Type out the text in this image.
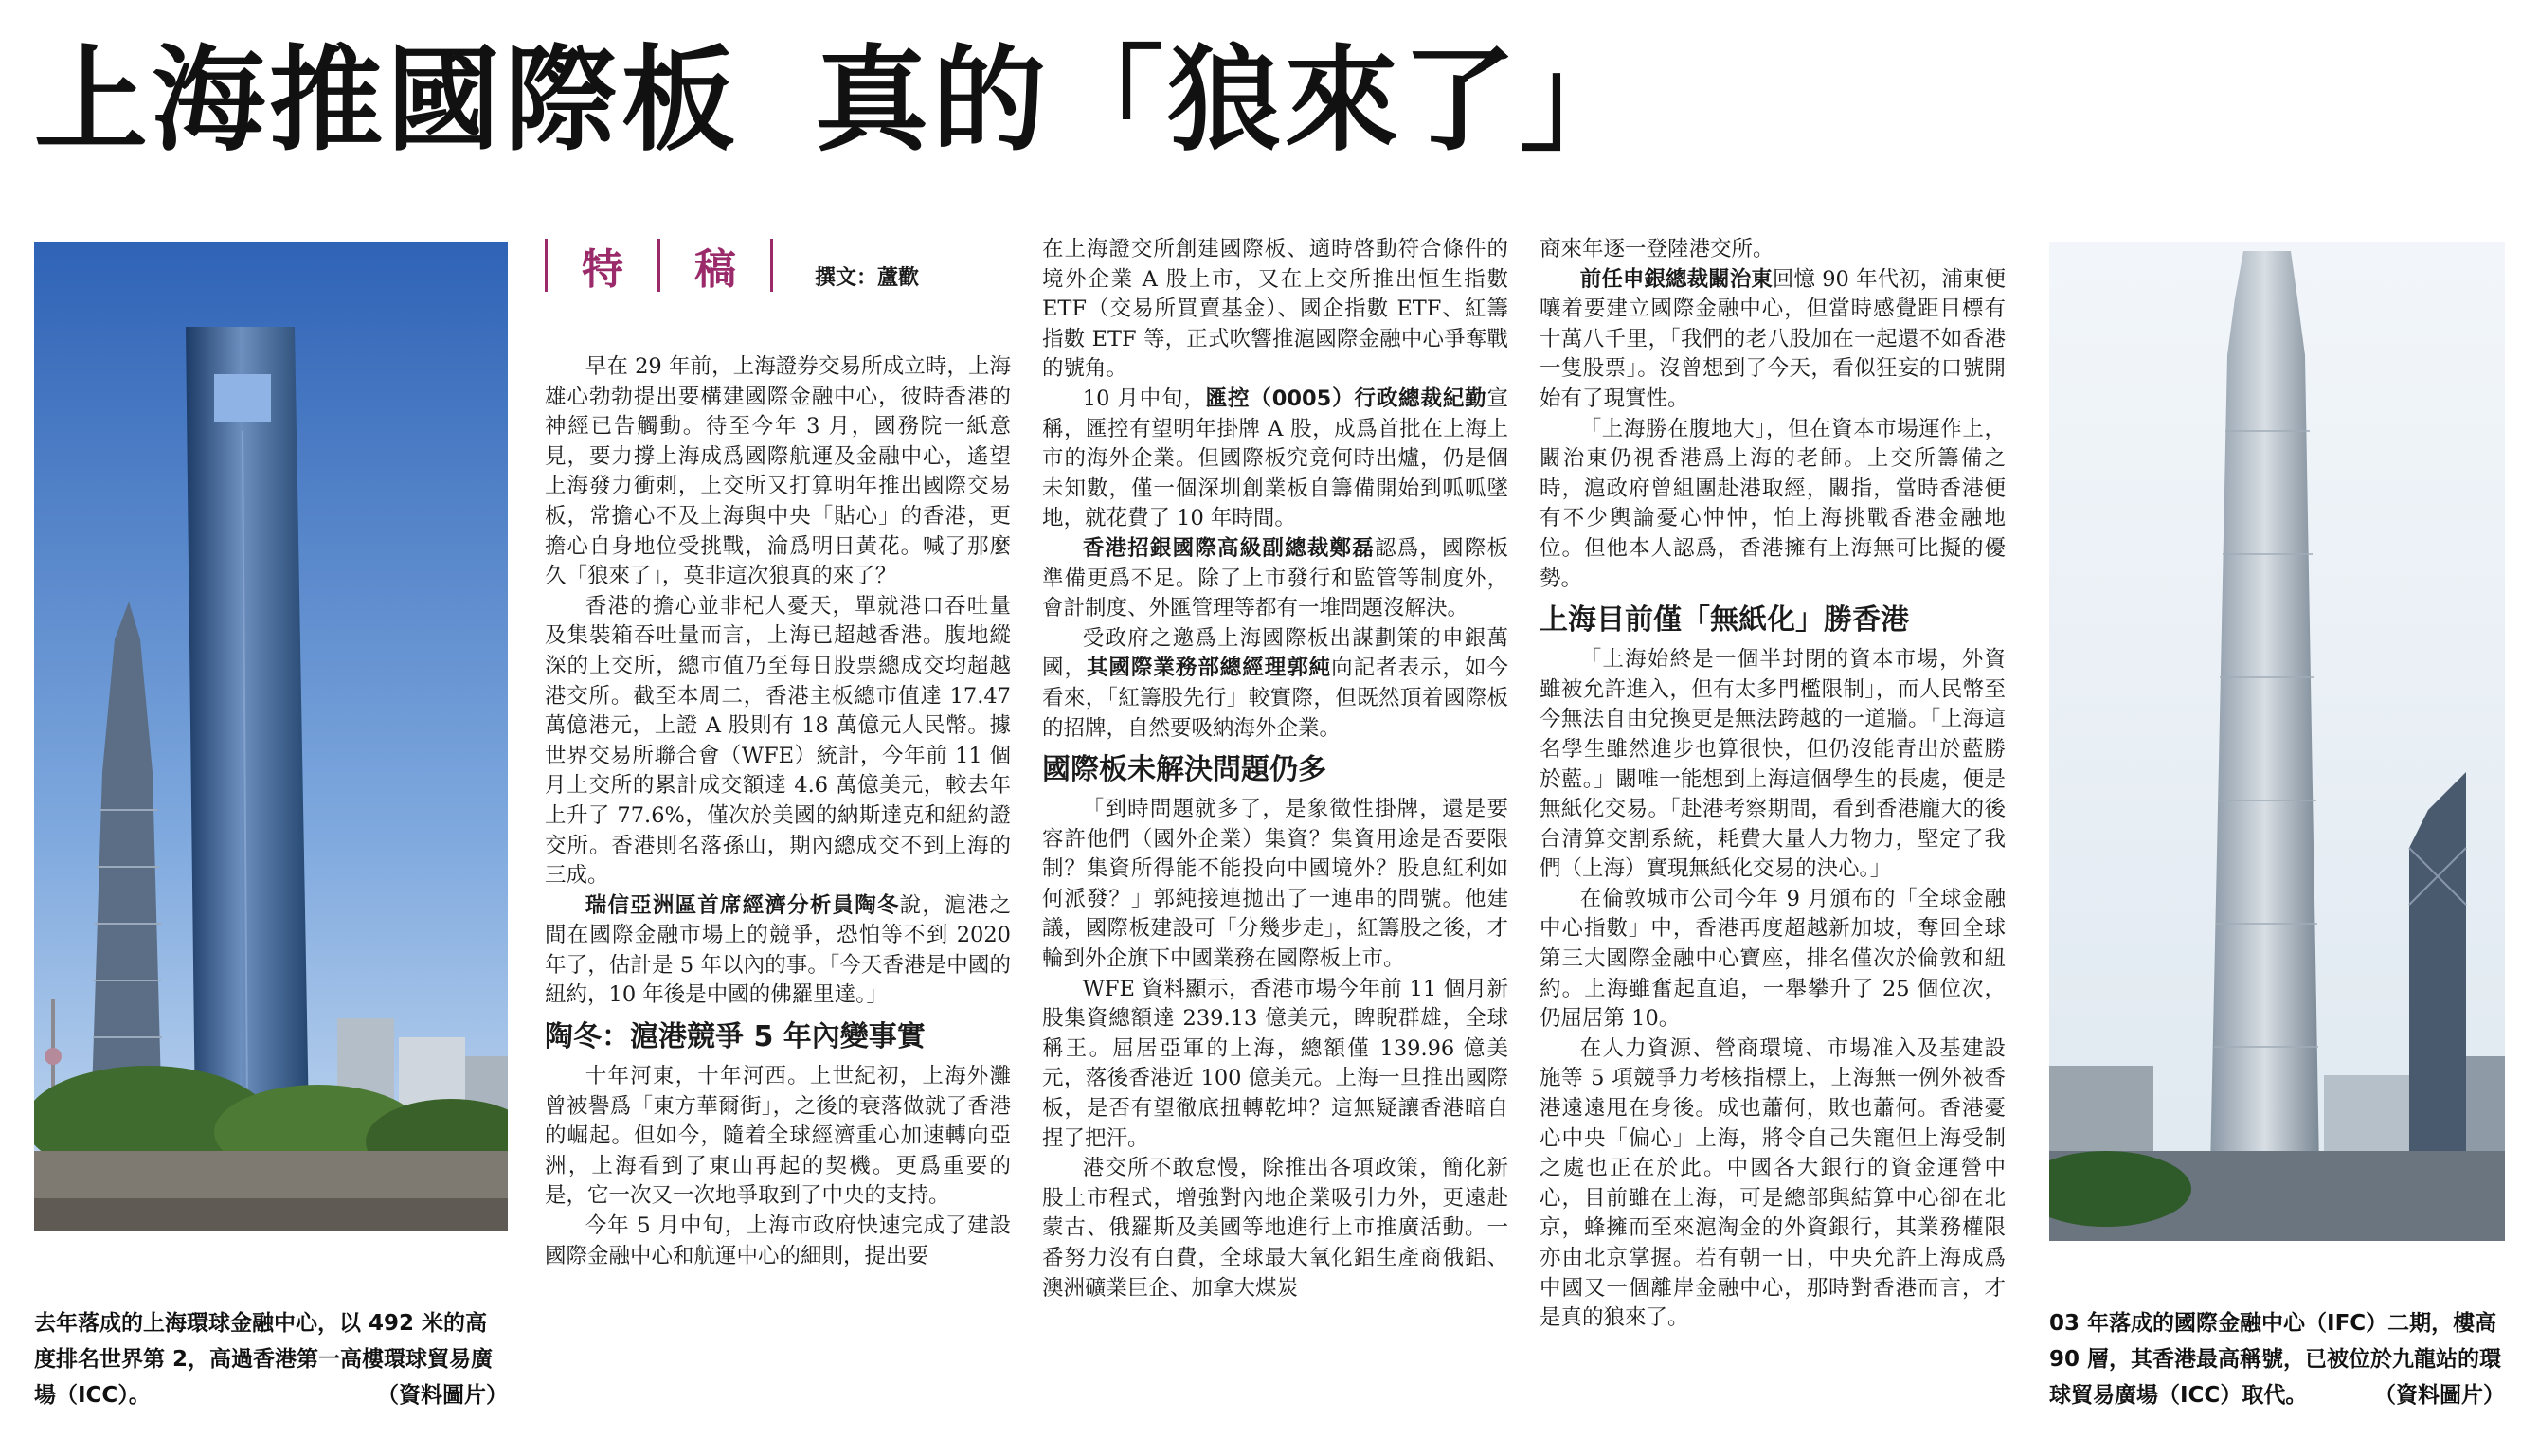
上海推國際板 真的「狼來了」
去年落成的上海環球金融中心，以 492 米的高度排名世界第 2，高過香港第一高樓環球貿易廣場（ICC）。	（資料圖片）
03 年落成的國際金融中心（IFC）二期，樓高 90 層，其香港最高稱號，已被位於九龍站的環球貿易廣場（ICC）取代。	（資料圖片）
特 稿	撰文：蘆歡

早在 29 年前，上海證券交易所成立時，上海雄心勃勃提出要構建國際金融中心，彼時香港的神經已告觸動。待至今年 3 月，國務院一紙意見，要力撐上海成爲國際航運及金融中心，遙望上海發力衝刺，上交所又打算明年推出國際交易板，常擔心不及上海與中央「貼心」的香港，更擔心自身地位受挑戰，淪爲明日黃花。喊了那麼久「狼來了」，莫非這次狼真的來了？

香港的擔心並非杞人憂天，單就港口吞吐量及集裝箱吞吐量而言，上海已超越香港。腹地縱深的上交所，總市值乃至每日股票總成交均超越港交所。截至本周二，香港主板總市值達 17.47 萬億港元，上證 A 股則有 18 萬億元人民幣。據世界交易所聯合會（WFE）統計，今年前 11 個月上交所的累計成交額達 4.6 萬億美元，較去年上升了 77.6%，僅次於美國的納斯達克和紐約證交所。香港則名落孫山，期內總成交不到上海的三成。

瑞信亞洲區首席經濟分析員陶冬說，滬港之間在國際金融市場上的競爭，恐怕等不到 2020 年了，估計是 5 年以內的事。「今天香港是中國的紐約，10 年後是中國的佛羅里達。」

陶冬：滬港競爭 5 年內變事實

十年河東，十年河西。上世紀初，上海外灘曾被譽爲「東方華爾街」，之後的衰落做就了香港的崛起。但如今，隨着全球經濟重心加速轉向亞洲，上海看到了東山再起的契機。更爲重要的是，它一次又一次地爭取到了中央的支持。

今年 5 月中旬，上海市政府快速完成了建設國際金融中心和航運中心的細則，提出要

在上海證交所創建國際板、適時啓動符合條件的境外企業 A 股上市，又在上交所推出恒生指數 ETF（交易所買賣基金）、國企指數 ETF、紅籌指數 ETF 等，正式吹響推滬國際金融中心爭奪戰的號角。

10 月中旬，匯控（0005）行政總裁紀勤宣稱，匯控有望明年掛牌 A 股，成爲首批在上海上市的海外企業。但國際板究竟何時出爐，仍是個未知數，僅一個深圳創業板自籌備開始到呱呱墜地，就花費了 10 年時間。

香港招銀國際高級副總裁鄭磊認爲，國際板準備更爲不足。除了上市發行和監管等制度外，會計制度、外匯管理等都有一堆問題沒解決。

受政府之邀爲上海國際板出謀劃策的申銀萬國，其國際業務部總經理郭純向記者表示，如今看來，「紅籌股先行」較實際，但既然頂着國際板的招牌，自然要吸納海外企業。

國際板未解決問題仍多

「到時問題就多了，是象徵性掛牌，還是要容許他們（國外企業）集資？集資用途是否要限制？集資所得能不能投向中國境外？股息紅利如何派發？」郭純接連拋出了一連串的問號。他建議，國際板建設可「分幾步走」，紅籌股之後，才輪到外企旗下中國業務在國際板上市。

WFE 資料顯示，香港市場今年前 11 個月新股集資總額達 239.13 億美元，睥睨群雄，全球稱王。屈居亞軍的上海，總額僅 139.96 億美元，落後香港近 100 億美元。上海一旦推出國際板，是否有望徹底扭轉乾坤？這無疑讓香港暗自捏了把汗。

港交所不敢怠慢，除推出各項政策，簡化新股上市程式，增強對內地企業吸引力外，更遠赴蒙古、俄羅斯及美國等地進行上市推廣活動。一番努力沒有白費，全球最大氧化鋁生產商俄鋁、澳洲礦業巨企、加拿大煤炭

商來年逐一登陸港交所。

前任申銀總裁闞治東回憶 90 年代初，浦東便嚷着要建立國際金融中心，但當時感覺距目標有十萬八千里，「我們的老八股加在一起還不如香港一隻股票」。沒曾想到了今天，看似狂妄的口號開始有了現實性。

「上海勝在腹地大」，但在資本市場運作上，闞治東仍視香港爲上海的老師。上交所籌備之時，滬政府曾組團赴港取經，闞指，當時香港便有不少輿論憂心忡忡，怕上海挑戰香港金融地位。但他本人認爲，香港擁有上海無可比擬的優勢。

上海目前僅「無紙化」勝香港

「上海始終是一個半封閉的資本市場，外資雖被允許進入，但有太多門檻限制」，而人民幣至今無法自由兌換更是無法跨越的一道牆。「上海這名學生雖然進步也算很快，但仍沒能青出於藍勝於藍。」闞唯一能想到上海這個學生的長處，便是無紙化交易。「赴港考察期間，看到香港龐大的後台清算交割系統，耗費大量人力物力，堅定了我們（上海）實現無紙化交易的決心。」

在倫敦城市公司今年 9 月頒布的「全球金融中心指數」中，香港再度超越新加坡，奪回全球第三大國際金融中心寶座，排名僅次於倫敦和紐約。上海雖奮起直追，一舉攀升了 25 個位次，仍屈居第 10。

在人力資源、營商環境、市場准入及基建設施等 5 項競爭力考核指標上，上海無一例外被香港遠遠甩在身後。成也蕭何，敗也蕭何。香港憂心中央「偏心」上海，將令自己失寵但上海受制之處也正在於此。中國各大銀行的資金運營中心，目前雖在上海，可是總部與結算中心卻在北京，蜂擁而至來滬淘金的外資銀行，其業務權限亦由北京掌握。若有朝一日，中央允許上海成爲中國又一個離岸金融中心，那時對香港而言，才是真的狼來了。
